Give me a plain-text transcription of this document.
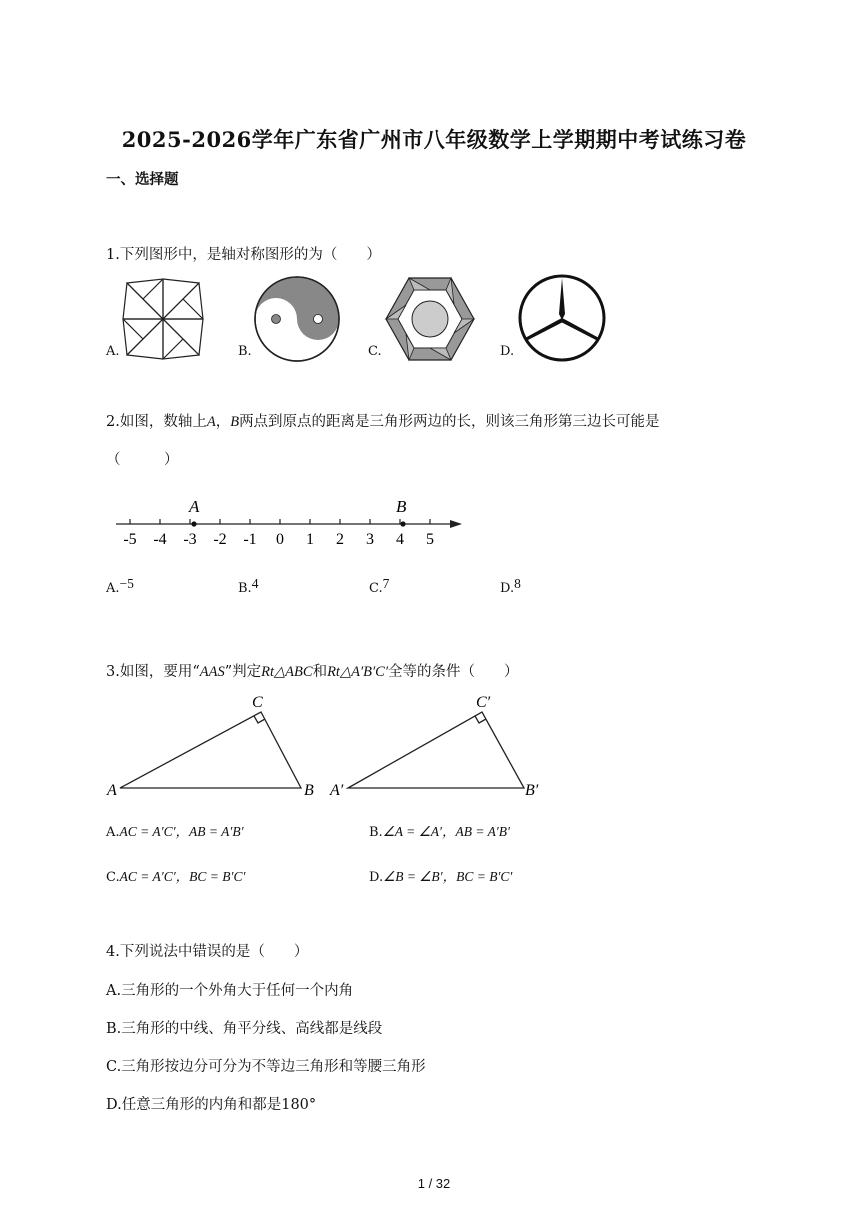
2025-2026学年广东省广州市八年级数学上学期期中考试练习卷
一、选择题
1.下列图形中，是轴对称图形的为（　　）
A.	B.	C.	D.
2.如图，数轴上A，B两点到原点的距离是三角形两边的长，则该三角形第三边长可能是
（　　　）
-5 -4 -3 -2 -1 0 1 2 3 4 5
A	B
A.−5	B.4	C.7	D.8
3.如图，要用“AAS”判定Rt△ABC和Rt△A′B′C′全等的条件（　　）
A	B
C
A′	B′
C′
A.AC = A′C′，AB = A′B′	B.∠A = ∠A′，AB = A′B′
C.AC = A′C′，BC = B′C′	D.∠B = ∠B′，BC = B′C′
4.下列说法中错误的是（　　）
A.三角形的一个外角大于任何一个内角
B.三角形的中线、角平分线、高线都是线段
C.三角形按边分可分为不等边三角形和等腰三角形
D.任意三角形的内角和都是180°
1 / 32
